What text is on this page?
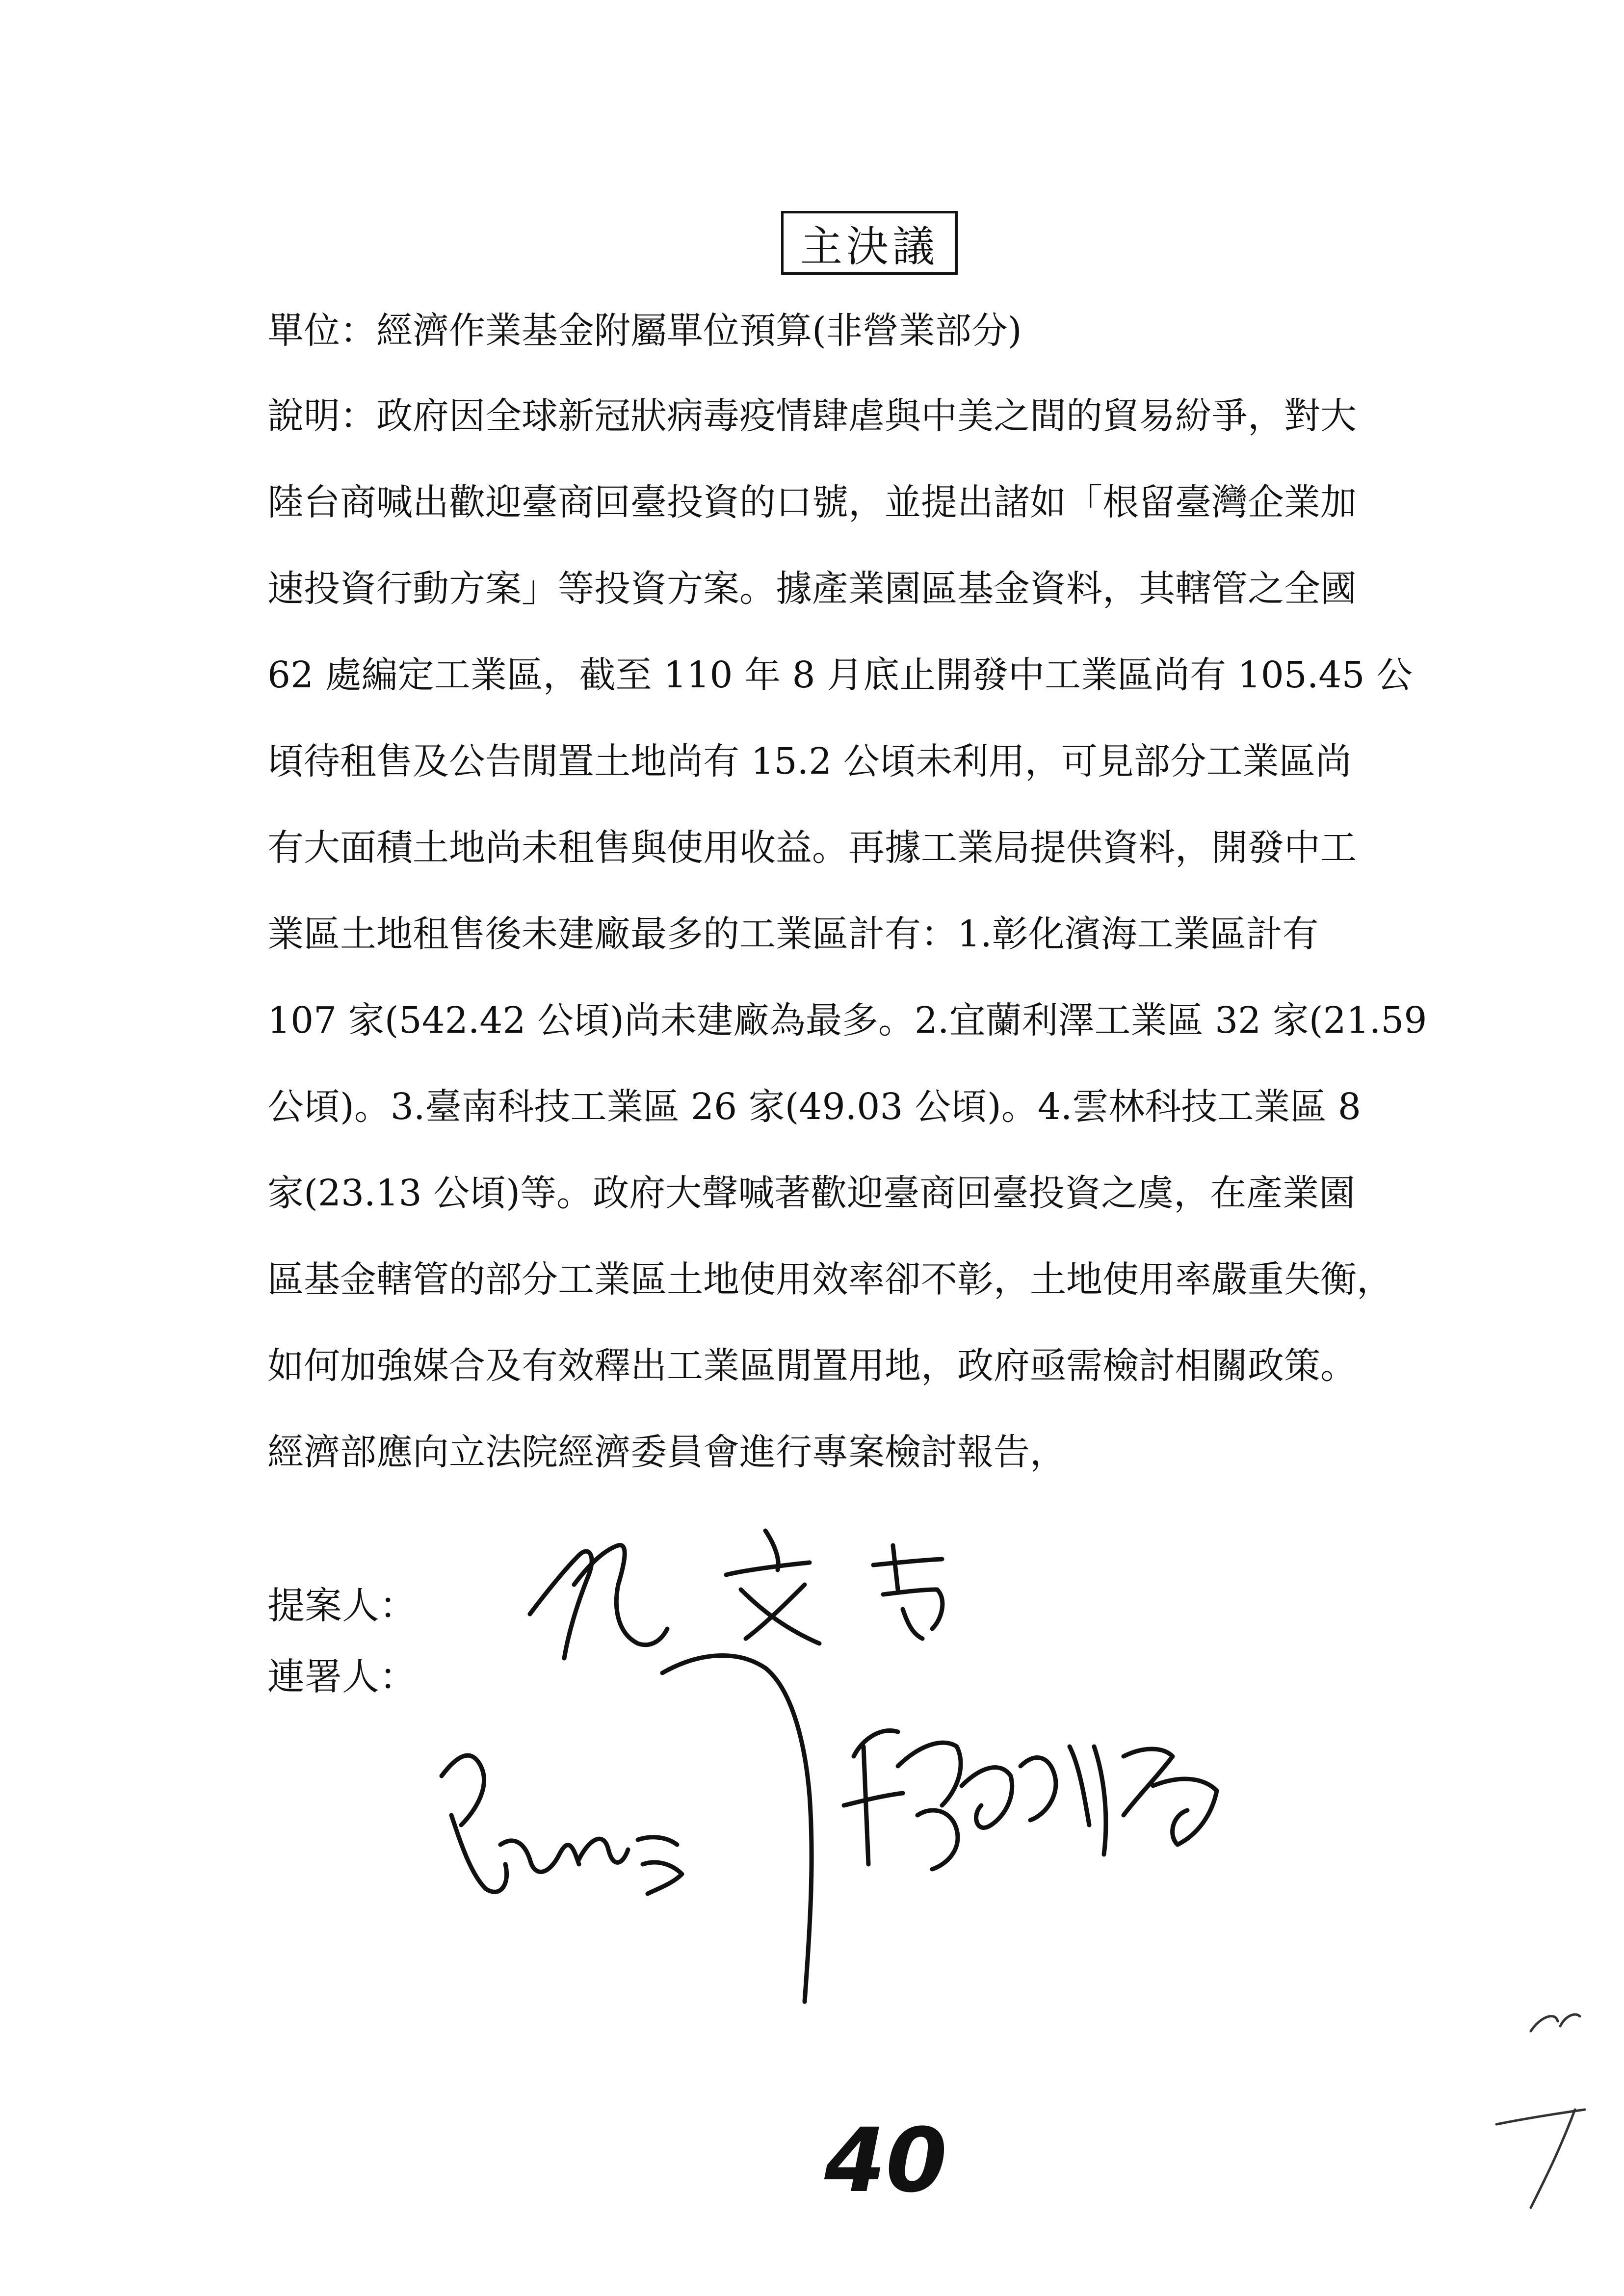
主決議
單位：經濟作業基金附屬單位預算(非營業部分)
說明：政府因全球新冠狀病毒疫情肆虐與中美之間的貿易紛爭，對大
陸台商喊出歡迎臺商回臺投資的口號，並提出諸如「根留臺灣企業加
速投資行動方案」等投資方案。據產業園區基金資料，其轄管之全國
62 處編定工業區，截至 110 年 8 月底止開發中工業區尚有 105.45 公
頃待租售及公告閒置土地尚有 15.2 公頃未利用，可見部分工業區尚
有大面積土地尚未租售與使用收益。再據工業局提供資料，開發中工
業區土地租售後未建廠最多的工業區計有：1.彰化濱海工業區計有
107 家(542.42 公頃)尚未建廠為最多。2.宜蘭利澤工業區 32 家(21.59
公頃)。3.臺南科技工業區 26 家(49.03 公頃)。4.雲林科技工業區 8
家(23.13 公頃)等。政府大聲喊著歡迎臺商回臺投資之虞，在產業園
區基金轄管的部分工業區土地使用效率卻不彰，土地使用率嚴重失衡，
如何加強媒合及有效釋出工業區閒置用地，政府亟需檢討相關政策。
經濟部應向立法院經濟委員會進行專案檢討報告，
提案人：
連署人：
40
